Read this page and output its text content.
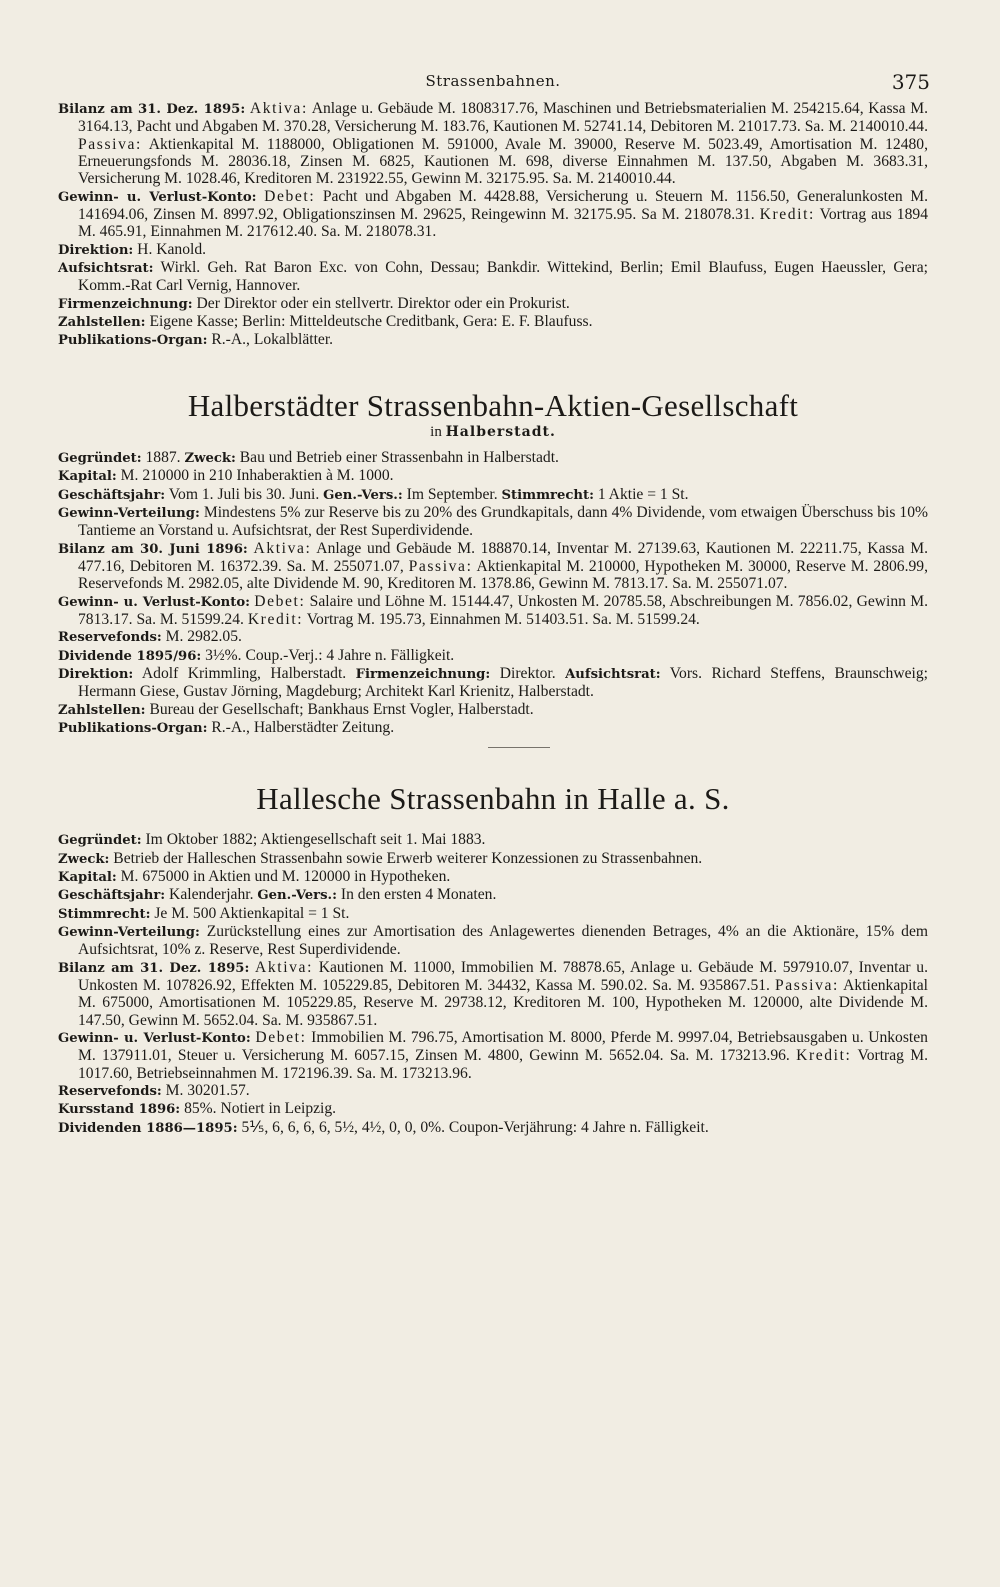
Strassenbahnen.	375

Bilanz am 31. Dez. 1895: Aktiva: Anlage u. Gebäude M. 1808317.76, Maschinen und Betriebsmaterialien M. 254215.64, Kassa M. 3164.13, Pacht und Abgaben M. 370.28, Versicherung M. 183.76, Kautionen M. 52741.14, Debitoren M. 21017.73. Sa. M. 2140010.44. Passiva: Aktienkapital M. 1188000, Obligationen M. 591000, Avale M. 39000, Reserve M. 5023.49, Amortisation M. 12480, Erneuerungsfonds M. 28036.18, Zinsen M. 6825, Kautionen M. 698, diverse Einnahmen M. 137.50, Abgaben M. 3683.31, Versicherung M. 1028.46, Kreditoren M. 231922.55, Gewinn M. 32175.95. Sa. M. 2140010.44.

Gewinn- u. Verlust-Konto: Debet: Pacht und Abgaben M. 4428.88, Versicherung u. Steuern M. 1156.50, Generalunkosten M. 141694.06, Zinsen M. 8997.92, Obligationszinsen M. 29625, Reingewinn M. 32175.95. Sa M. 218078.31. Kredit: Vortrag aus 1894 M. 465.91, Einnahmen M. 217612.40. Sa. M. 218078.31.

Direktion: H. Kanold.

Aufsichtsrat: Wirkl. Geh. Rat Baron Exc. von Cohn, Dessau; Bankdir. Wittekind, Berlin; Emil Blaufuss, Eugen Haeussler, Gera; Komm.-Rat Carl Vernig, Hannover.

Firmenzeichnung: Der Direktor oder ein stellvertr. Direktor oder ein Prokurist.

Zahlstellen: Eigene Kasse; Berlin: Mitteldeutsche Creditbank, Gera: E. F. Blaufuss.

Publikations-Organ: R.-A., Lokalblätter.

Halberstädter Strassenbahn-Aktien-Gesellschaft

in Halberstadt.

Gegründet: 1887. Zweck: Bau und Betrieb einer Strassenbahn in Halberstadt.

Kapital: M. 210000 in 210 Inhaberaktien à M. 1000.

Geschäftsjahr: Vom 1. Juli bis 30. Juni. Gen.-Vers.: Im September. Stimmrecht: 1 Aktie = 1 St.

Gewinn-Verteilung: Mindestens 5% zur Reserve bis zu 20% des Grundkapitals, dann 4% Dividende, vom etwaigen Überschuss bis 10% Tantieme an Vorstand u. Aufsichtsrat, der Rest Superdividende.

Bilanz am 30. Juni 1896: Aktiva: Anlage und Gebäude M. 188870.14, Inventar M. 27139.63, Kautionen M. 22211.75, Kassa M. 477.16, Debitoren M. 16372.39. Sa. M. 255071.07, Passiva: Aktienkapital M. 210000, Hypotheken M. 30000, Reserve M. 2806.99, Reservefonds M. 2982.05, alte Dividende M. 90, Kreditoren M. 1378.86, Gewinn M. 7813.17. Sa. M. 255071.07.

Gewinn- u. Verlust-Konto: Debet: Salaire und Löhne M. 15144.47, Unkosten M. 20785.58, Abschreibungen M. 7856.02, Gewinn M. 7813.17. Sa. M. 51599.24. Kredit: Vortrag M. 195.73, Einnahmen M. 51403.51. Sa. M. 51599.24.

Reservefonds: M. 2982.05.

Dividende 1895/96: 3½%. Coup.-Verj.: 4 Jahre n. Fälligkeit.

Direktion: Adolf Krimmling, Halberstadt. Firmenzeichnung: Direktor. Aufsichtsrat: Vors. Richard Steffens, Braunschweig; Hermann Giese, Gustav Jörning, Magdeburg; Architekt Karl Krienitz, Halberstadt.

Zahlstellen: Bureau der Gesellschaft; Bankhaus Ernst Vogler, Halberstadt.

Publikations-Organ: R.-A., Halberstädter Zeitung.

Hallesche Strassenbahn in Halle a. S.

Gegründet: Im Oktober 1882; Aktiengesellschaft seit 1. Mai 1883.

Zweck: Betrieb der Halleschen Strassenbahn sowie Erwerb weiterer Konzessionen zu Strassenbahnen.

Kapital: M. 675000 in Aktien und M. 120000 in Hypotheken.

Geschäftsjahr: Kalenderjahr. Gen.-Vers.: In den ersten 4 Monaten.

Stimmrecht: Je M. 500 Aktienkapital = 1 St.

Gewinn-Verteilung: Zurückstellung eines zur Amortisation des Anlagewertes dienenden Betrages, 4% an die Aktionäre, 15% dem Aufsichtsrat, 10% z. Reserve, Rest Superdividende.

Bilanz am 31. Dez. 1895: Aktiva: Kautionen M. 11000, Immobilien M. 78878.65, Anlage u. Gebäude M. 597910.07, Inventar u. Unkosten M. 107826.92, Effekten M. 105229.85, Debitoren M. 34432, Kassa M. 590.02. Sa. M. 935867.51. Passiva: Aktienkapital M. 675000, Amortisationen M. 105229.85, Reserve M. 29738.12, Kreditoren M. 100, Hypotheken M. 120000, alte Dividende M. 147.50, Gewinn M. 5652.04. Sa. M. 935867.51.

Gewinn- u. Verlust-Konto: Debet: Immobilien M. 796.75, Amortisation M. 8000, Pferde M. 9997.04, Betriebsausgaben u. Unkosten M. 137911.01, Steuer u. Versicherung M. 6057.15, Zinsen M. 4800, Gewinn M. 5652.04. Sa. M. 173213.96. Kredit: Vortrag M. 1017.60, Betriebseinnahmen M. 172196.39. Sa. M. 173213.96.

Reservefonds: M. 30201.57.

Kursstand 1896: 85%. Notiert in Leipzig.

Dividenden 1886—1895: 5⅕, 6, 6, 6, 6, 5½, 4½, 0, 0, 0%. Coupon-Verjährung: 4 Jahre n. Fälligkeit.
